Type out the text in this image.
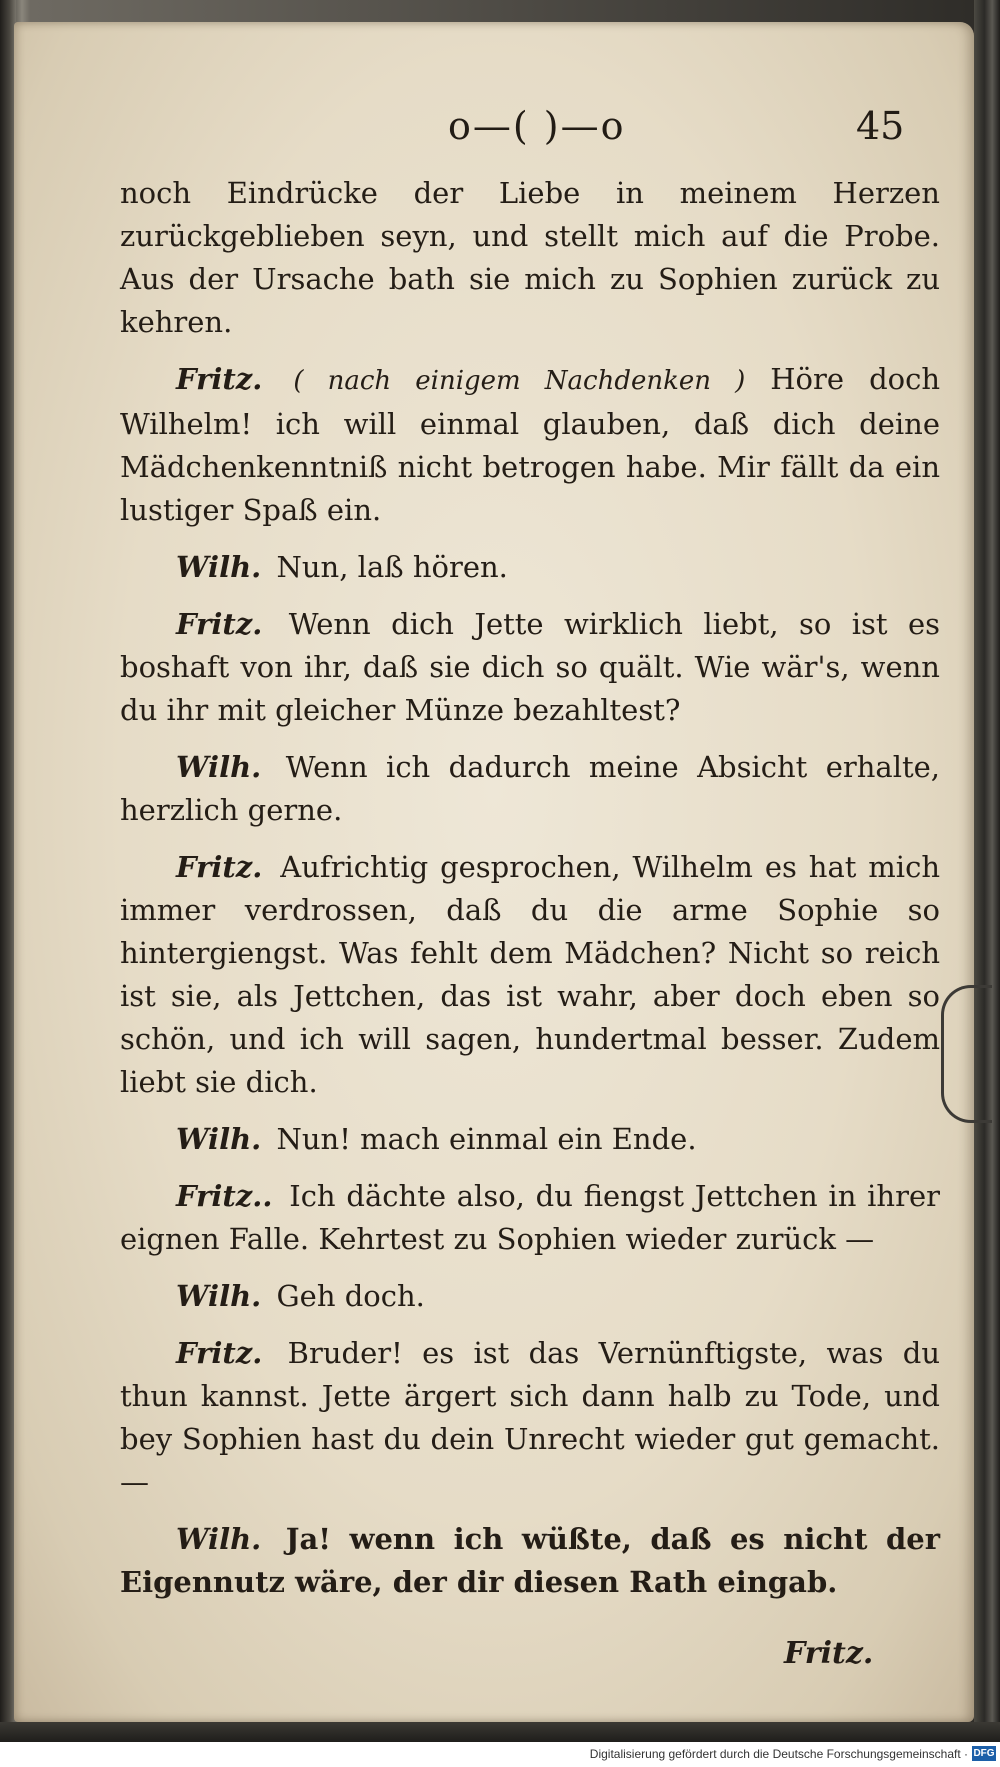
o—( )—o	45

noch Eindrücke der Liebe in meinem Herzen zurückgeblieben seyn, und stellt mich auf die Probe. Aus der Ursache bath sie mich zu Sophien zurück zu kehren.

Fritz. ( nach einigem Nachdenken ) Höre doch Wilhelm! ich will einmal glauben, daß dich deine Mädchenkenntniß nicht betrogen habe. Mir fällt da ein lustiger Spaß ein.

Wilh. Nun, laß hören.

Fritz. Wenn dich Jette wirklich liebt, so ist es boshaft von ihr, daß sie dich so quält. Wie wär's, wenn du ihr mit gleicher Münze bezahltest?

Wilh. Wenn ich dadurch meine Absicht erhalte, herzlich gerne.

Fritz. Aufrichtig gesprochen, Wilhelm es hat mich immer verdrossen, daß du die arme Sophie so hintergiengst. Was fehlt dem Mädchen? Nicht so reich ist sie, als Jettchen, das ist wahr, aber doch eben so schön, und ich will sagen, hundertmal besser. Zudem liebt sie dich.

Wilh. Nun! mach einmal ein Ende.

Fritz.. Ich dächte also, du fiengst Jettchen in ihrer eignen Falle. Kehrtest zu Sophien wieder zurück —

Wilh. Geh doch.

Fritz. Bruder! es ist das Vernünftigste, was du thun kannst. Jette ärgert sich dann halb zu Tode, und bey Sophien hast du dein Unrecht wieder gut gemacht. —

Wilh. Ja! wenn ich wüßte, daß es nicht der Eigennutz wäre, der dir diesen Rath eingab.

Fritz.
Digitalisierung gefördert durch die Deutsche Forschungsgemeinschaft · DFG
